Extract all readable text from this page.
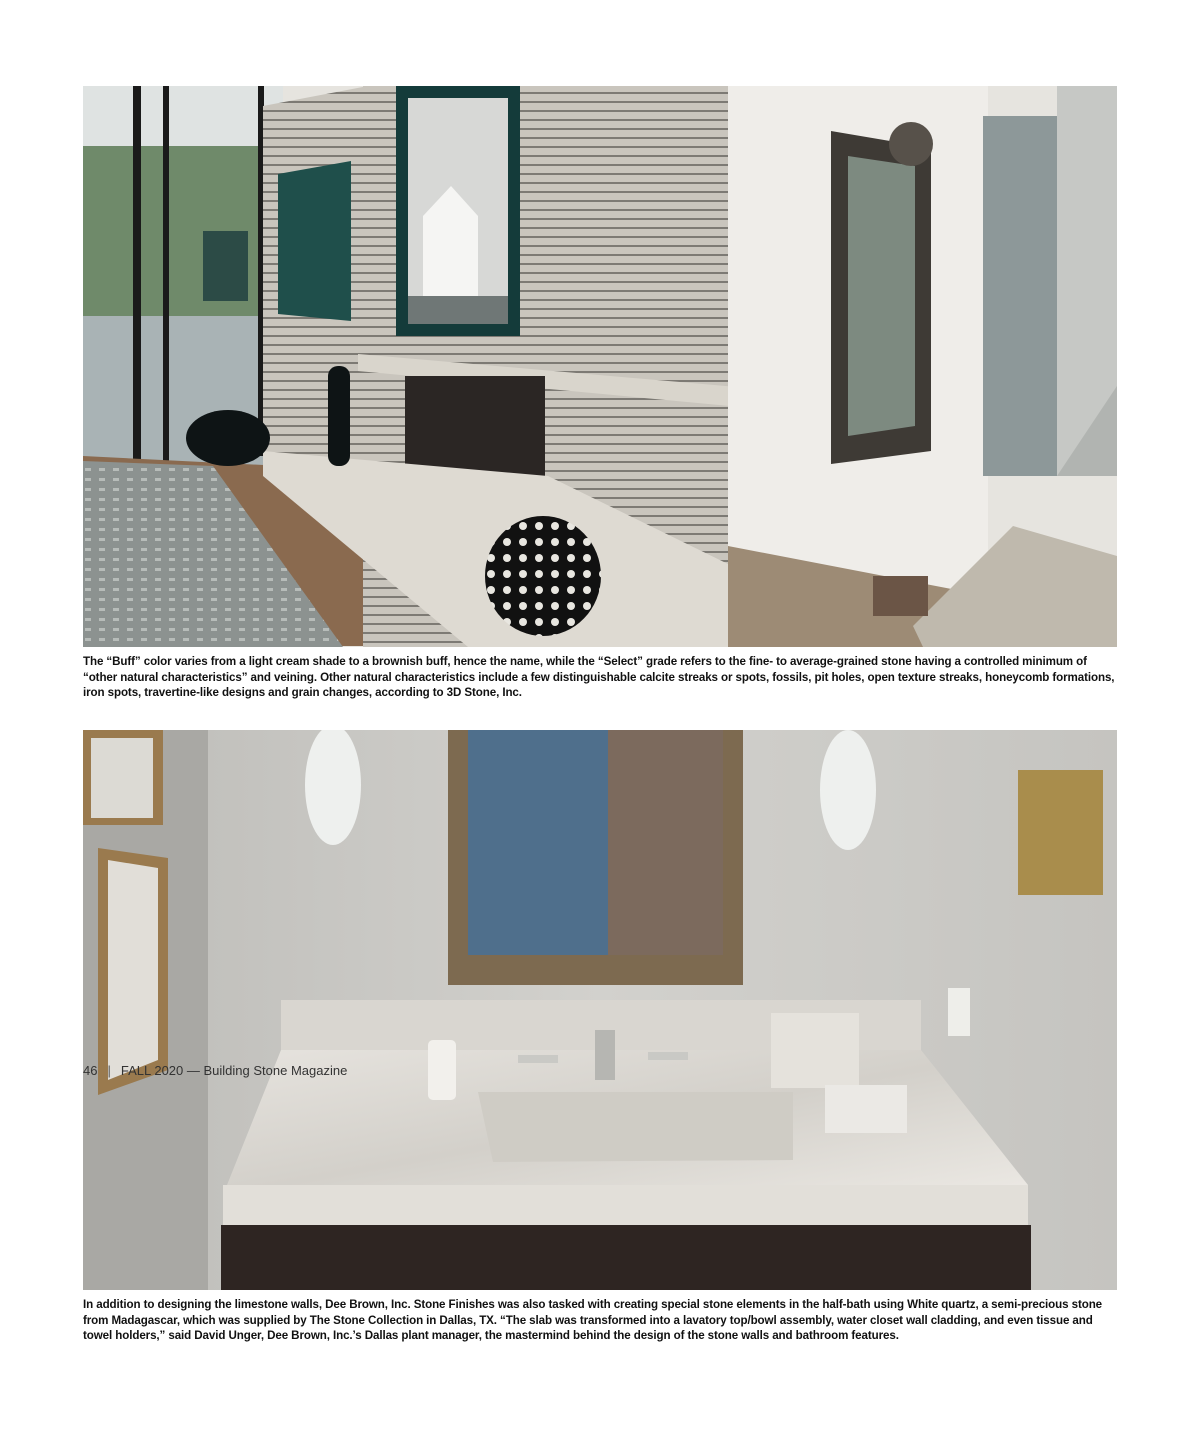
The “Buff” color varies from a light cream shade to a brownish buff, hence the name, while the “Select” grade refers to the fine- to average-grained stone having a controlled minimum of “other natural characteristics” and veining. Other natural characteristics include a few distinguishable calcite streaks or spots, fossils, pit holes, open texture streaks, honeycomb formations, iron spots, travertine-like designs and grain changes, according to 3D Stone, Inc.
In addition to designing the limestone walls, Dee Brown, Inc. Stone Finishes was also tasked with creating special stone elements in the half-bath using White quartz, a semi-precious stone from Madagascar, which was supplied by The Stone Collection in Dallas, TX. “The slab was transformed into a lavatory top/bowl assembly, water closet wall cladding, and even tissue and towel holders,” said David Unger, Dee Brown, Inc.’s Dallas plant manager, the mastermind behind the design of the stone walls and bathroom features.
46 | FALL 2020 — Building Stone Magazine
